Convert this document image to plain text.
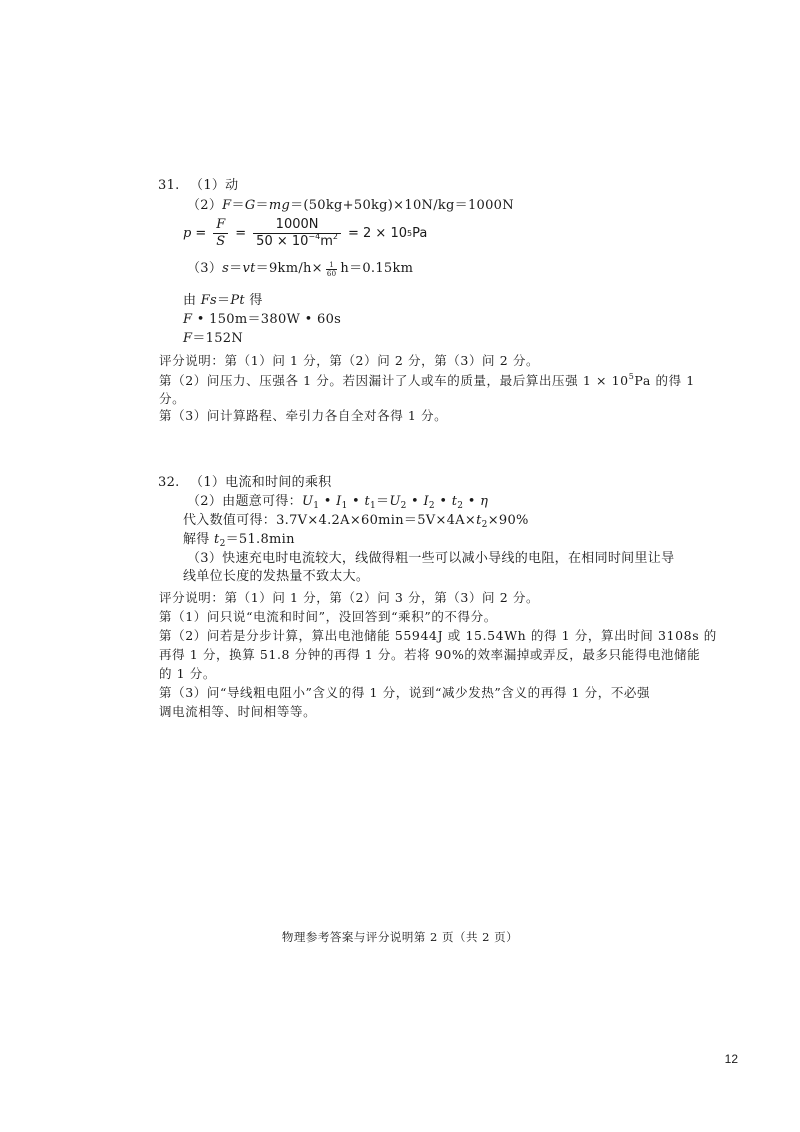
31. （1）动
（2）F＝G＝mg＝(50kg+50kg)×10N/kg＝1000N
$p = \frac{F}{S} = \frac{1000N}{50 \times 10^{-4}m^2} = 2 \times 10$ 5 Pa
（3） s ＝ vt $=9km/h\times \frac{1}{60} h=0.15km$
由 Fs＝Pt 得
F • 150m＝380W • 60s
F＝152N
评分说明：第（1）问 1 分，第（2）问 2 分，第（3）问 2 分。
第（2）问压力、压强各 1 分。若因漏计了人或车的质量，最后算出压强 $1 \times 10^5Pa$ 的得 1
分。
第（3）问计算路程、牵引力各自全对各得 1 分。
32. （1）电流和时间的乘积
（2）由题意可得：$U_1$ • $I_1$ • $t_1=U_2$ • $I_2$ • $t_2$ • η
代入数值可得：$3.7V\times 4.2A\times 60\min=5V\times 4A\times t_2\times 90\%$
解得 $t_2=51.8\min$
（3）快速充电时电流较大，线做得粗一些可以减小导线的电阻，在相同时间里让导
线单位长度的发热量不致太大。
评分说明：第（1）问 1 分，第（2）问 3 分，第（3）问 2 分。
第（1）问只说“电流和时间”，没回答到“乘积”的不得分。
第（2）问若是分步计算，算出电池储能 55944J 或 15.54Wh 的得 1 分，算出时间 3108s 的
再得 1 分，换算 51.8 分钟的再得 1 分。若将 90%的效率漏掉或弄反，最多只能得电池储能
的 1 分。
第（3）问“导线粗电阻小”含义的得 1 分，说到“减少发热”含义的再得 1 分，不必强
调电流相等、时间相等等。
物理参考答案与评分说明第 2 页（共 2 页）
12
